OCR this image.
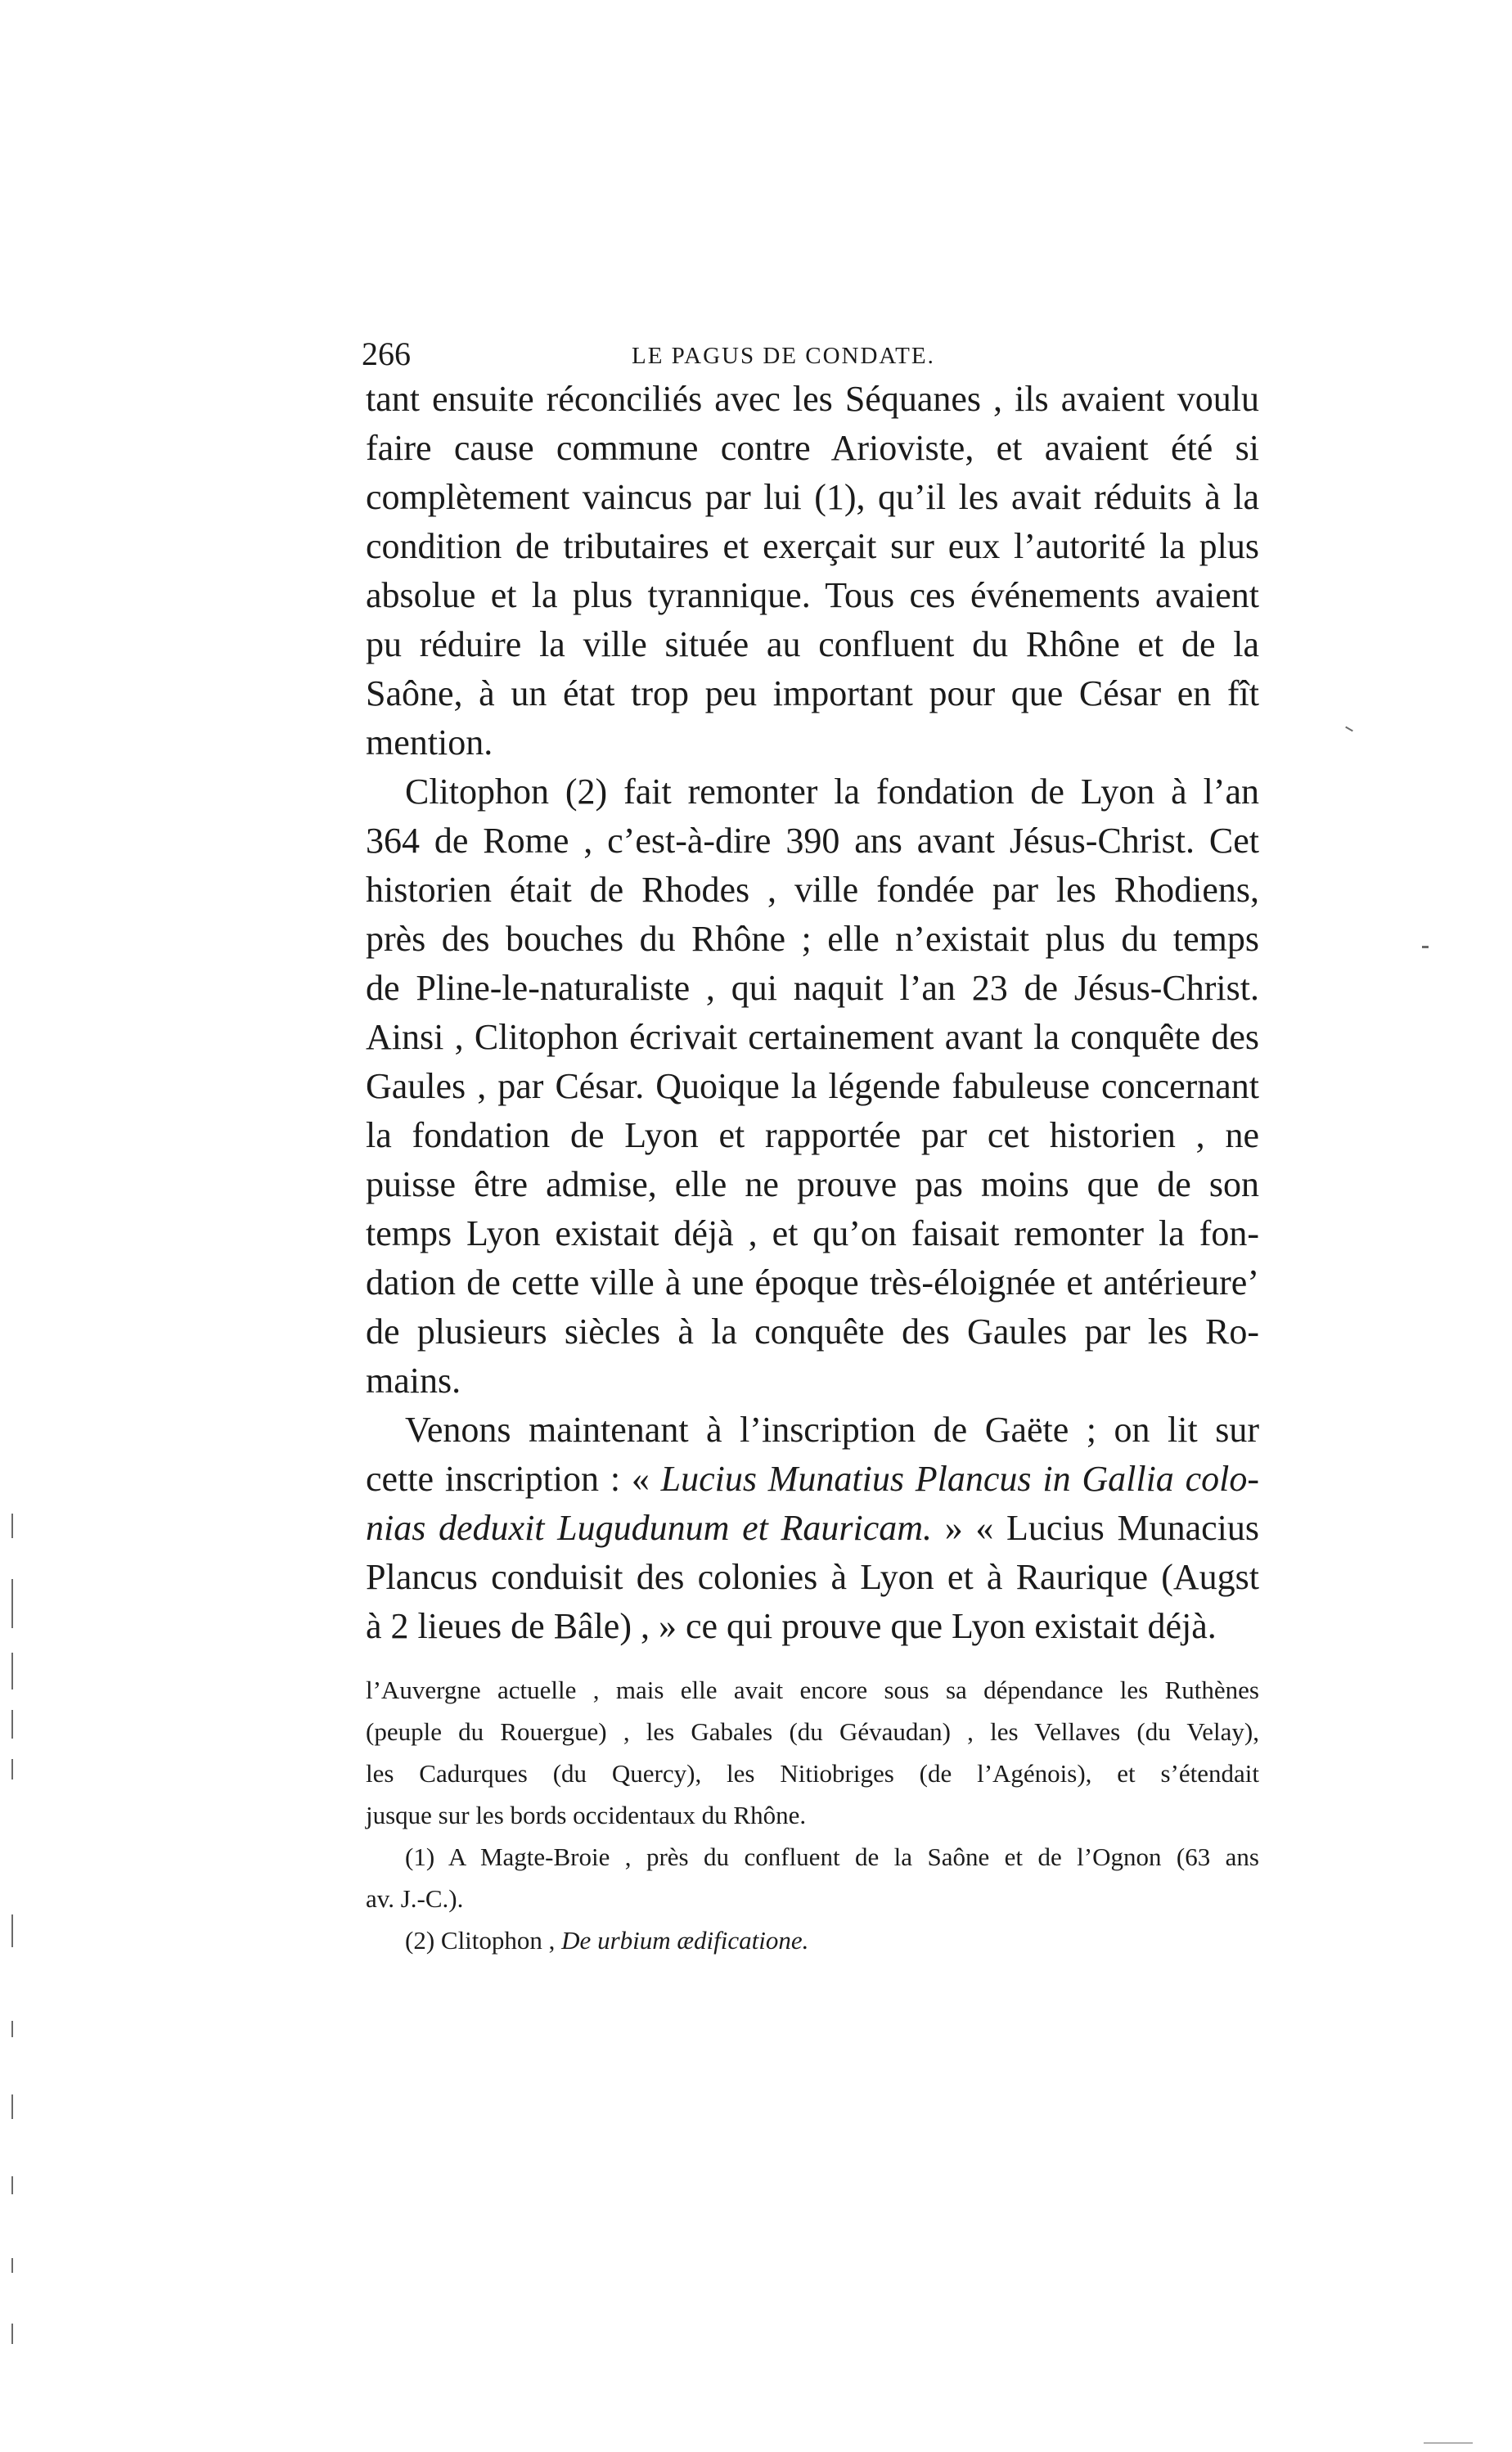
266	LE PAGUS DE CONDATE.
tant ensuite réconciliés avec les Séquanes , ils avaient voulu
faire cause commune contre Arioviste, et avaient été si
complètement vaincus par lui (1), qu’il les avait réduits à la
condition de tributaires et exerçait sur eux l’autorité la plus
absolue et la plus tyrannique. Tous ces événements avaient
pu réduire la ville située au confluent du Rhône et de la
Saône, à un état trop peu important pour que César en fît
mention.
Clitophon (2) fait remonter la fondation de Lyon à l’an
364 de Rome , c’est-à-dire 390 ans avant Jésus-Christ. Cet
historien était de Rhodes , ville fondée par les Rhodiens,
près des bouches du Rhône ; elle n’existait plus du temps
de Pline-le-naturaliste , qui naquit l’an 23 de Jésus-Christ.
Ainsi , Clitophon écrivait certainement avant la conquête des
Gaules , par César. Quoique la légende fabuleuse concernant
la fondation de Lyon et rapportée par cet historien , ne
puisse être admise, elle ne prouve pas moins que de son
temps Lyon existait déjà , et qu’on faisait remonter la fon-
dation de cette ville à une époque très-éloignée et antérieure’
de plusieurs siècles à la conquête des Gaules par les Ro-
mains.
Venons maintenant à l’inscription de Gaëte ; on lit sur
cette inscription : « Lucius Munatius Plancus in Gallia colo-
nias deduxit Lugudunum et Rauricam. » « Lucius Munacius
Plancus conduisit des colonies à Lyon et à Raurique (Augst
à 2 lieues de Bâle) , » ce qui prouve que Lyon existait déjà.
l’Auvergne actuelle , mais elle avait encore sous sa dépendance les Ruthènes
(peuple du Rouergue) , les Gabales (du Gévaudan) , les Vellaves (du Velay),
les Cadurques (du Quercy), les Nitiobriges (de l’Agénois), et s’étendait
jusque sur les bords occidentaux du Rhône.
(1) A Magte-Broie , près du confluent de la Saône et de l’Ognon (63 ans
av. J.-C.).
(2) Clitophon , De urbium ædificatione.
